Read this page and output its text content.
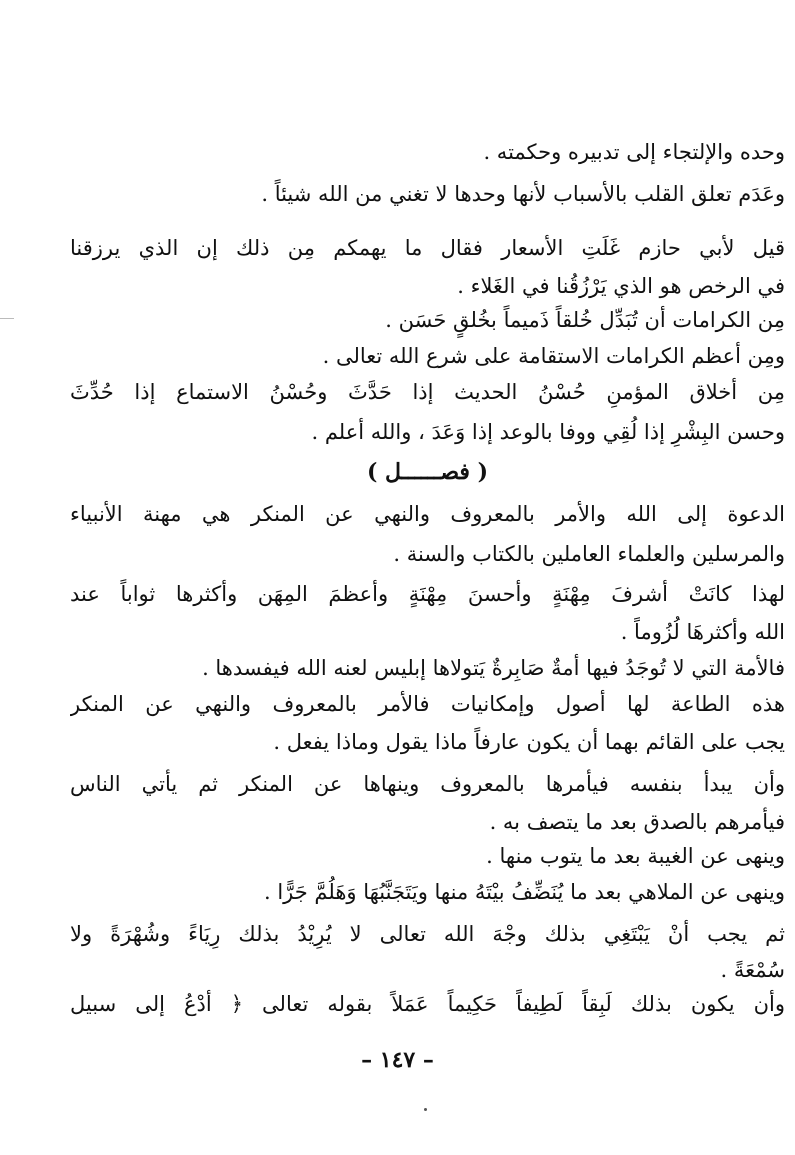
وحده والإلتجاء إلى تدبيره وحكمته .
وعَدَم تعلق القلب بالأسباب لأنها وحدها لا تغني من الله شيئاً .
قيل لأبي حازم غَلَتِ الأسعار فقال ما يهمكم مِن ذلك إن الذي يرزقنا
في الرخص هو الذي يَرْزُقُنا في الغَلاء .
مِن الكرامات أن تُبَدِّل خُلقاً ذَميماً بخُلقٍ حَسَن .
ومِن أعظم الكرامات الاستقامة على شرع الله تعالى .
مِن أخلاق المؤمنِ حُسْنُ الحديث إذا حَدَّثَ وحُسْنُ الاستماع إذا حُدِّثَ
وحسن البِشْرِ إذا لُقِي ووفا بالوعد إذا وَعَدَ ، والله أعلم .
( فصــــــل )
الدعوة إلى الله والأمر بالمعروف والنهي عن المنكر هي مهنة الأنبياء
والمرسلين والعلماء العاملين بالكتاب والسنة .
لهذا كانَتْ أشرفَ مِهْنَةٍ وأحسنَ مِهْنَةٍ وأعظمَ المِهَن وأكثرها ثواباً عند
الله وأكثرهَا لُزُوماً .
فالأمة التي لا تُوجَدُ فيها أمةٌ صَابِرةٌ يَتولاها إبليس لعنه الله فيفسدها .
هذه الطاعة لها أصول وإمكانيات فالأمر بالمعروف والنهي عن المنكر
يجب على القائم بهما أن يكون عارفاً ماذا يقول وماذا يفعل .
وأن يبدأ بنفسه فيأمرها بالمعروف وينهاها عن المنكر ثم يأتي الناس
فيأمرهم بالصدق بعد ما يتصف به .
وينهى عن الغيبة بعد ما يتوب منها .
وينهى عن الملاهي بعد ما يُنَضِّفُ بيْتَهُ منها ويَتَجَنَّبُهَا وَهَلُمَّ جَرًّا .
ثم يجب أنْ يَبْتَغِي بذلك وجْهَ الله تعالى لا يُرِيْدُ بذلك رِيَاءً وشُهْرَةً ولا
سُمْعَةً .
وأن يكون بذلك لَبِقاً لَطِيفاً حَكِيماً عَمَلاً بقوله تعالى ﴿ أدْعُ إلى سبيل
– ١٤٧ –
